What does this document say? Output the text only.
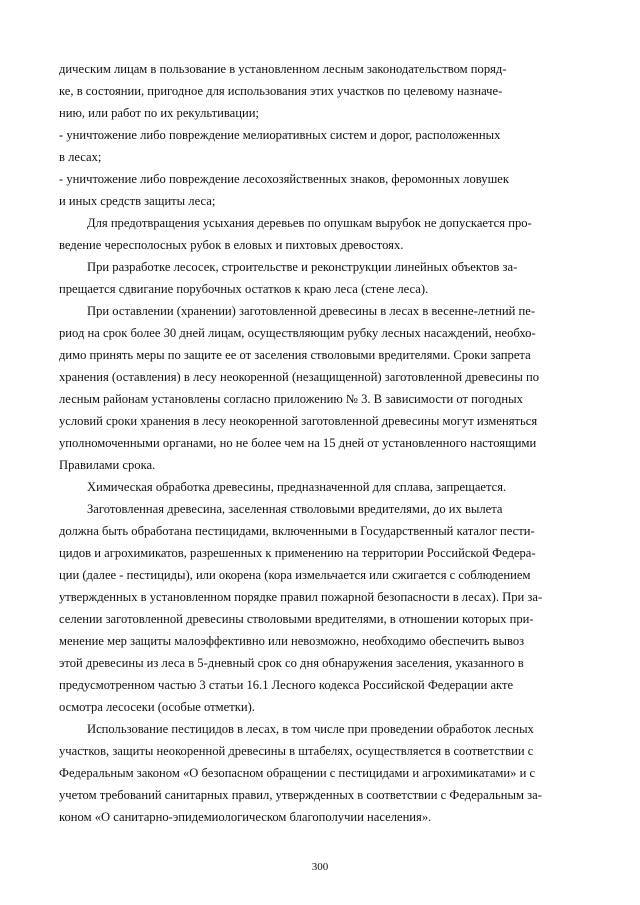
дическим лицам в пользование в установленном лесным законодательством поряд-
ке, в состоянии, пригодное для использования этих участков по целевому назначе-
нию, или работ по их рекультивации;

- уничтожение либо повреждение мелиоративных систем и дорог, расположенных
в лесах;

- уничтожение либо повреждение лесохозяйственных знаков, феромонных ловушек
и иных средств защиты леса;

Для предотвращения усыхания деревьев по опушкам вырубок не допускается про-
ведение чересполосных рубок в еловых и пихтовых древостоях.

При разработке лесосек, строительстве и реконструкции линейных объектов за-
прещается сдвигание порубочных остатков к краю леса (стене леса).

При оставлении (хранении) заготовленной древесины в лесах в весенне-летний пе-
риод на срок более 30 дней лицам, осуществляющим рубку лесных насаждений, необхо-
димо принять меры по защите ее от заселения стволовыми вредителями. Сроки запрета
хранения (оставления) в лесу неокоренной (незащищенной) заготовленной древесины по
лесным районам установлены согласно приложению № 3. В зависимости от погодных
условий сроки хранения в лесу неокоренной заготовленной древесины могут изменяться
уполномоченными органами, но не более чем на 15 дней от установленного настоящими
Правилами срока.

Химическая обработка древесины, предназначенной для сплава, запрещается.

Заготовленная древесина, заселенная стволовыми вредителями, до их вылета
должна быть обработана пестицидами, включенными в Государственный каталог пести-
цидов и агрохимикатов, разрешенных к применению на территории Российской Федера-
ции (далее - пестициды), или окорена (кора измельчается или сжигается с соблюдением
утвержденных в установленном порядке правил пожарной безопасности в лесах). При за-
селении заготовленной древесины стволовыми вредителями, в отношении которых при-
менение мер защиты малоэффективно или невозможно, необходимо обеспечить вывоз
этой древесины из леса в 5-дневный срок со дня обнаружения заселения, указанного в
предусмотренном частью 3 статьи 16.1 Лесного кодекса Российской Федерации акте
осмотра лесосеки (особые отметки).

Использование пестицидов в лесах, в том числе при проведении обработок лесных
участков, защиты неокоренной древесины в штабелях, осуществляется в соответствии с
Федеральным законом «О безопасном обращении с пестицидами и агрохимикатами» и с
учетом требований санитарных правил, утвержденных в соответствии с Федеральным за-
коном «О санитарно-эпидемиологическом благополучии населения».

300
